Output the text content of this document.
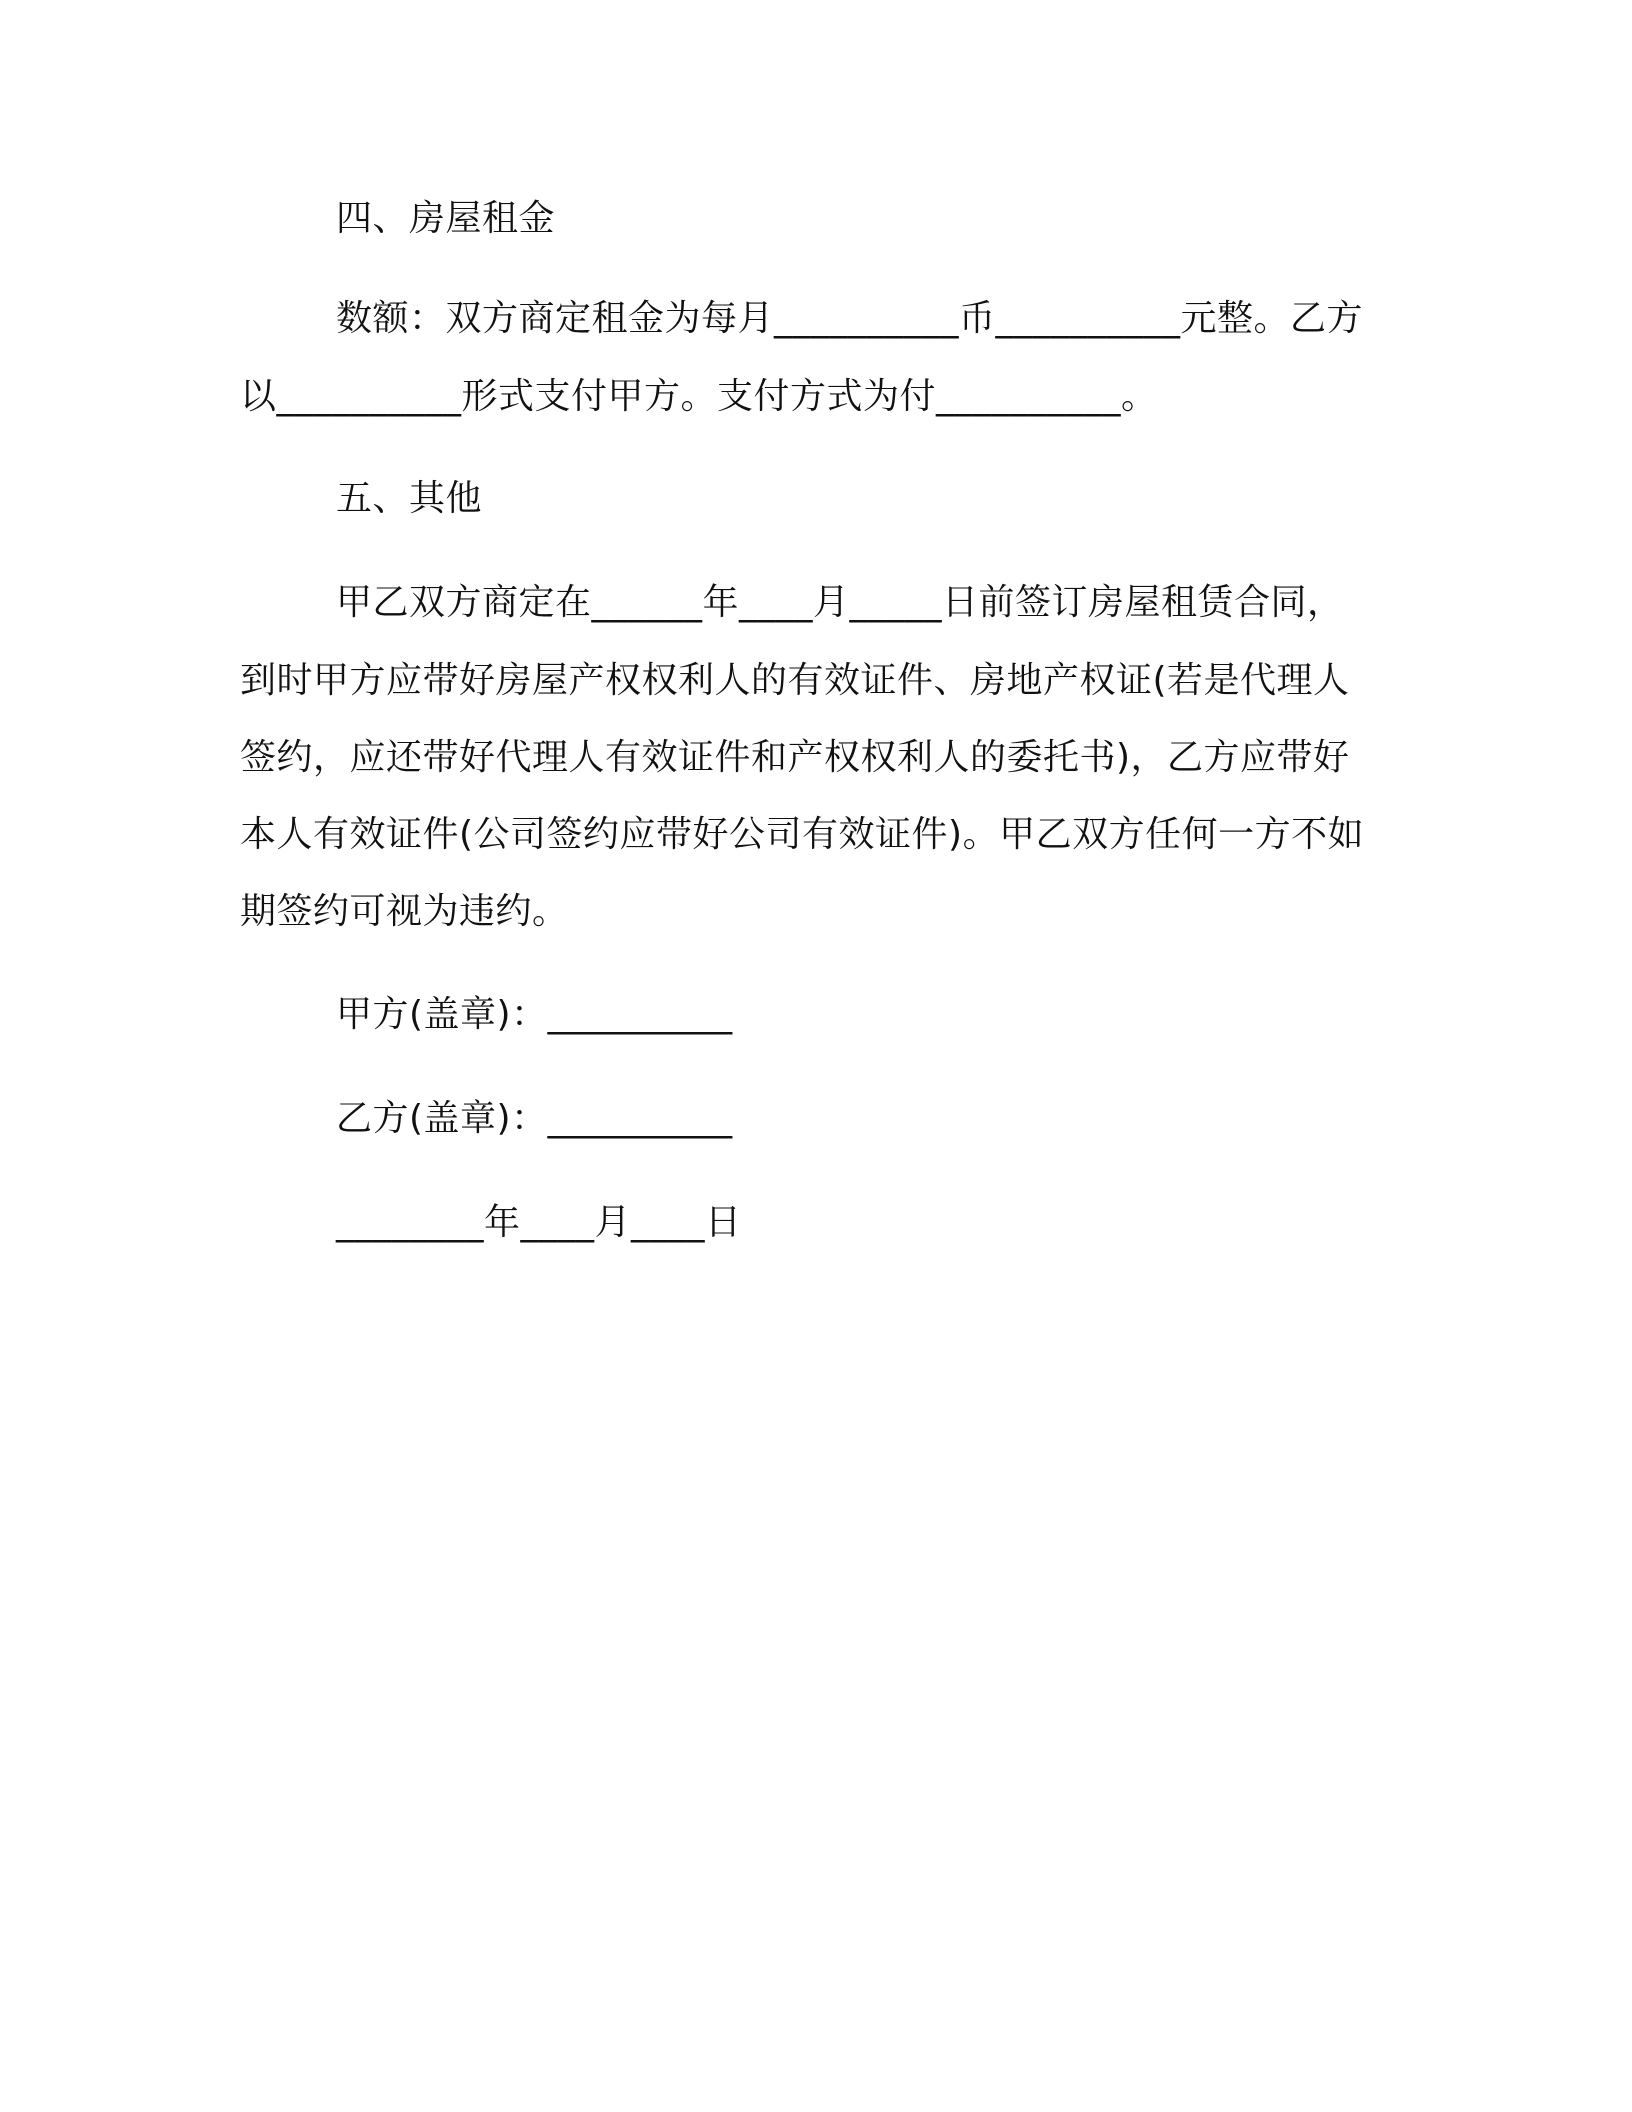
四、房屋租金
数额：双方商定租金为每月__________币__________元整。乙方
以__________形式支付甲方。支付方式为付__________。
五、其他
甲乙双方商定在______年____月_____日前签订房屋租赁合同，
到时甲方应带好房屋产权权利人的有效证件、房地产权证(若是代理人
签约，应还带好代理人有效证件和产权权利人的委托书)，乙方应带好
本人有效证件(公司签约应带好公司有效证件)。甲乙双方任何一方不如
期签约可视为违约。
甲方(盖章)：__________
乙方(盖章)：__________
________年____月____日
